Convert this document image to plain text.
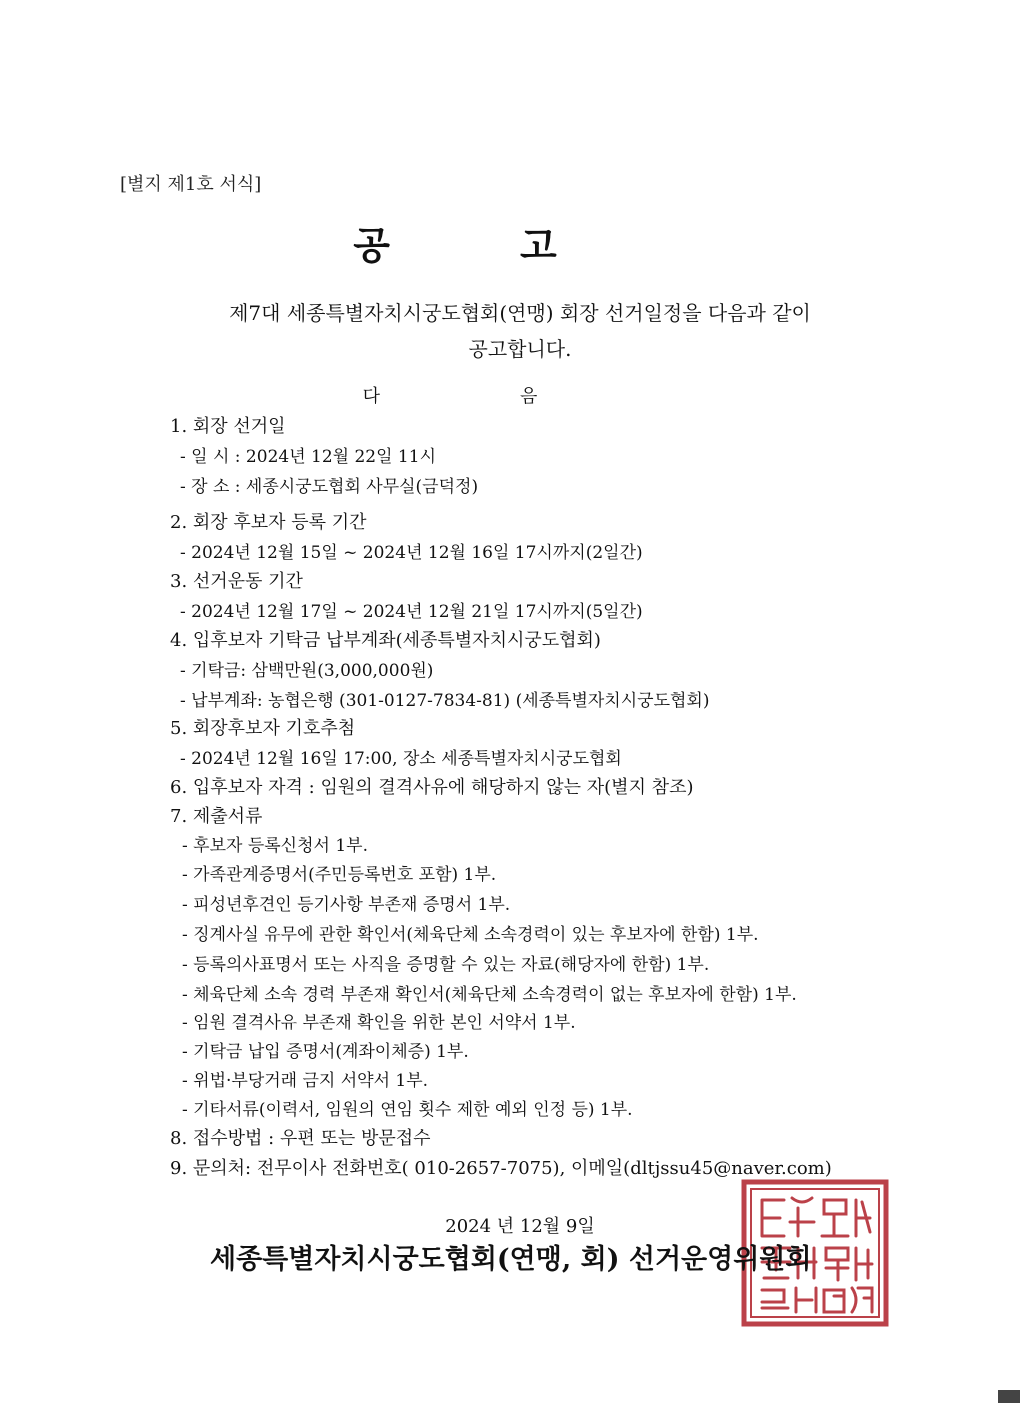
[별지 제1호 서식]
공고
제7대 세종특별자치시궁도협회(연맹) 회장 선거일정을 다음과 같이
공고합니다.
다음
1. 회장 선거일
- 일 시 : 2024년 12월 22일 11시
- 장 소 : 세종시궁도협회 사무실(금덕정)
2. 회장 후보자 등록 기간
- 2024년 12월 15일 ~ 2024년 12월 16일 17시까지(2일간)
3. 선거운동 기간
- 2024년 12월 17일 ~ 2024년 12월 21일 17시까지(5일간)
4. 입후보자 기탁금 납부계좌(세종특별자치시궁도협회)
- 기탁금: 삼백만원(3,000,000원)
- 납부계좌: 농협은행 (301-0127-7834-81) (세종특별자치시궁도협회)
5. 회장후보자 기호추첨
- 2024년 12월 16일 17:00, 장소 세종특별자치시궁도협회
6. 입후보자 자격 : 임원의 결격사유에 해당하지 않는 자(별지 참조)
7. 제출서류
- 후보자 등록신청서 1부.
- 가족관계증명서(주민등록번호 포함) 1부.
- 피성년후견인 등기사항 부존재 증명서 1부.
- 징계사실 유무에 관한 확인서(체육단체 소속경력이 있는 후보자에 한함) 1부.
- 등록의사표명서 또는 사직을 증명할 수 있는 자료(해당자에 한함) 1부.
- 체육단체 소속 경력 부존재 확인서(체육단체 소속경력이 없는 후보자에 한함) 1부.
- 임원 결격사유 부존재 확인을 위한 본인 서약서 1부.
- 기탁금 납입 증명서(계좌이체증) 1부.
- 위법·부당거래 금지 서약서 1부.
- 기타서류(이력서, 임원의 연임 횟수 제한 예외 인정 등) 1부.
8. 접수방법 : 우편 또는 방문접수
9. 문의처: 전무이사 전화번호( 010-2657-7075), 이메일(dltjssu45@naver.com)
2024 년 12월 9일
세종특별자치시궁도협회(연맹, 회) 선거운영위원회
